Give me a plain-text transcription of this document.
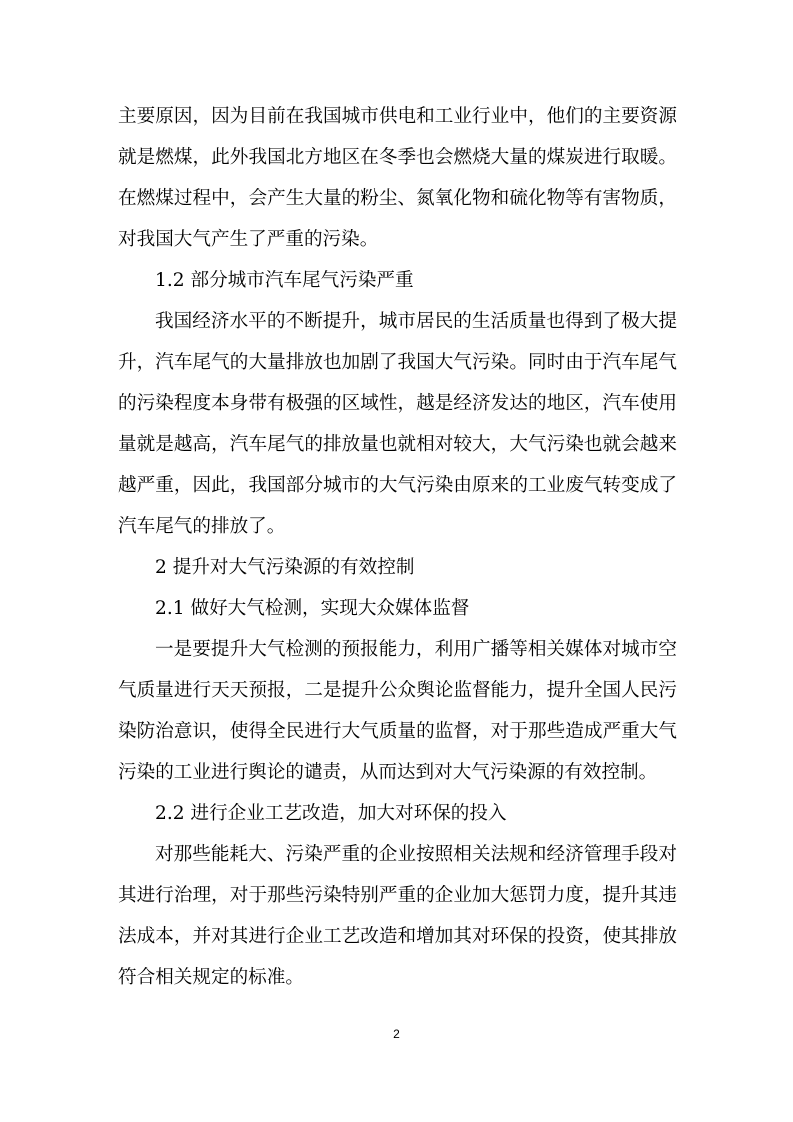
主要原因，因为目前在我国城市供电和工业行业中，他们的主要资源就是燃煤，此外我国北方地区在冬季也会燃烧大量的煤炭进行取暖。在燃煤过程中，会产生大量的粉尘、氮氧化物和硫化物等有害物质，对我国大气产生了严重的污染。

1.2 部分城市汽车尾气污染严重

我国经济水平的不断提升，城市居民的生活质量也得到了极大提升，汽车尾气的大量排放也加剧了我国大气污染。同时由于汽车尾气的污染程度本身带有极强的区域性，越是经济发达的地区，汽车使用量就是越高，汽车尾气的排放量也就相对较大，大气污染也就会越来越严重，因此，我国部分城市的大气污染由原来的工业废气转变成了汽车尾气的排放了。

2 提升对大气污染源的有效控制

2.1 做好大气检测，实现大众媒体监督

一是要提升大气检测的预报能力，利用广播等相关媒体对城市空气质量进行天天预报，二是提升公众舆论监督能力，提升全国人民污染防治意识，使得全民进行大气质量的监督，对于那些造成严重大气污染的工业进行舆论的谴责，从而达到对大气污染源的有效控制。

2.2 进行企业工艺改造，加大对环保的投入

对那些能耗大、污染严重的企业按照相关法规和经济管理手段对其进行治理，对于那些污染特别严重的企业加大惩罚力度，提升其违法成本，并对其进行企业工艺改造和增加其对环保的投资，使其排放符合相关规定的标准。

2
